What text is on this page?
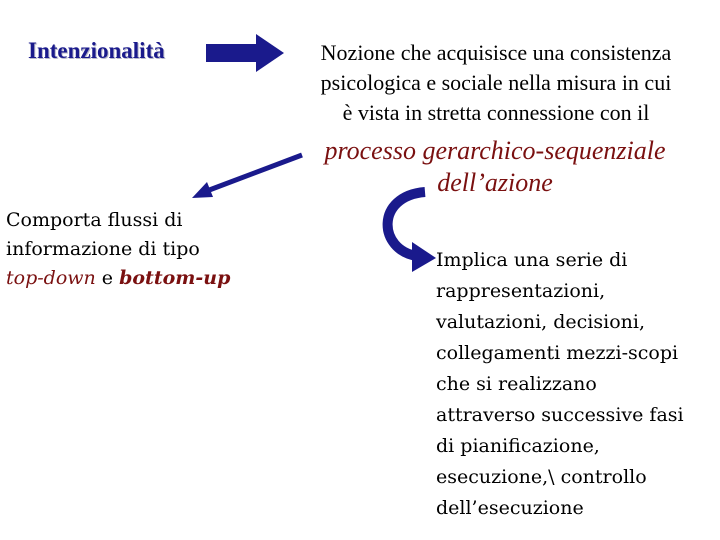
Intenzionalità	Nozione che acquisisce una consistenza
psicologica e sociale nella misura in cui
è vista in stretta connessione con il
processo gerarchico-sequenziale
dell’azione
Comporta flussi di
informazione di tipo
top-down e bottom-up
Implica una serie di
rappresentazioni,
valutazioni, decisioni,
collegamenti mezzi-scopi
che si realizzano
attraverso successive fasi
di pianificazione,
esecuzione,\ controllo
dell’esecuzione
